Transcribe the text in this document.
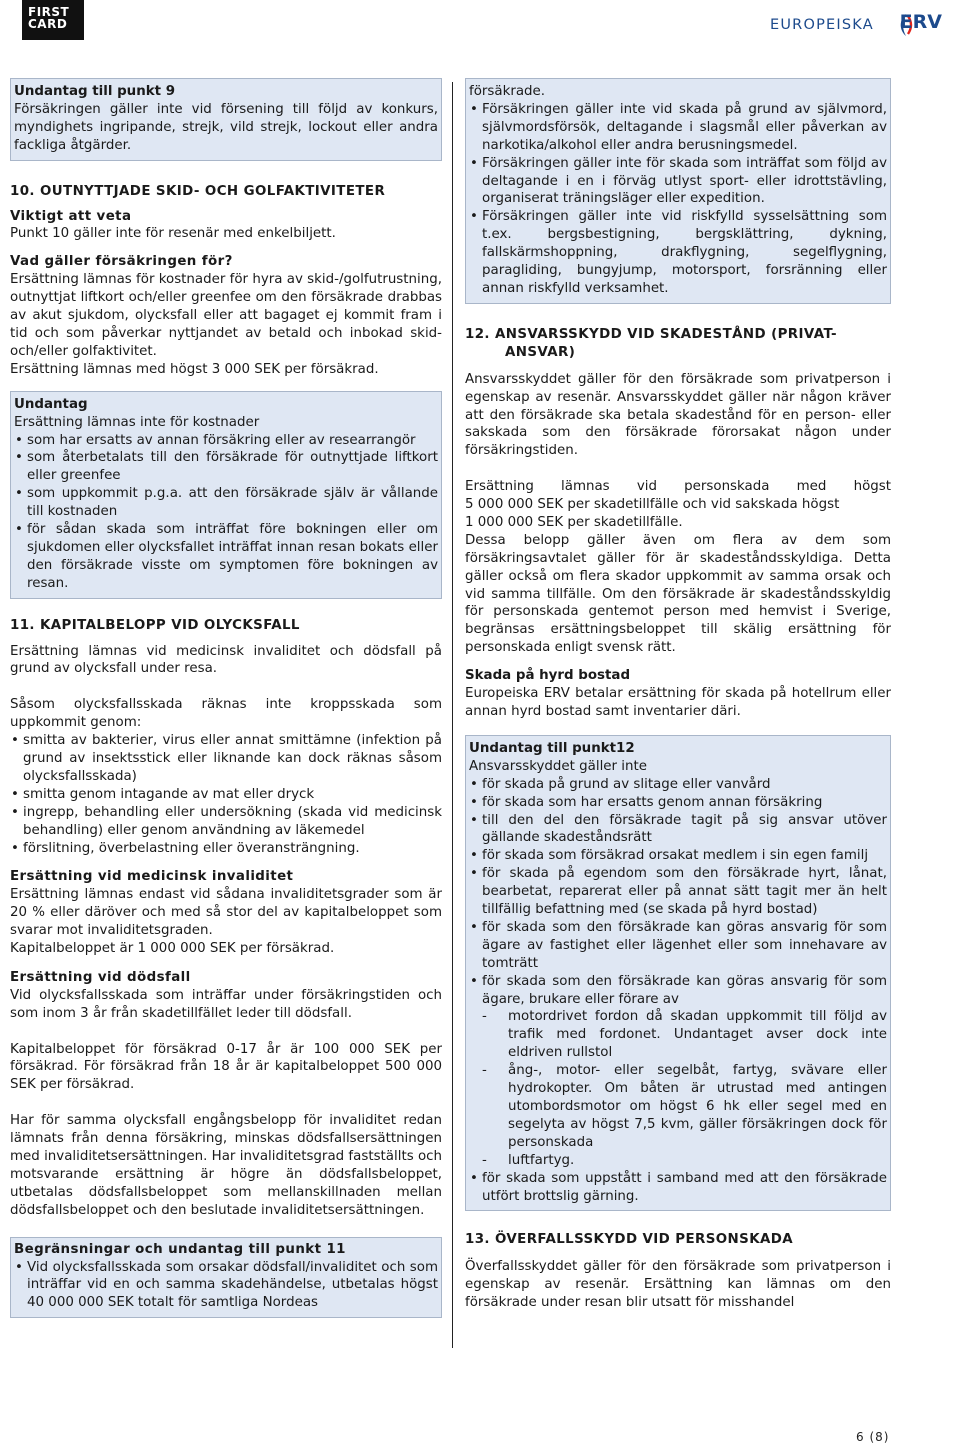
FIRST
CARD	EUROPEISKA ERV
Undantag till punkt 9

Försäkringen gäller inte vid försening till följd av konkurs, myndighets ingripande, strejk, vild strejk, lockout eller andra fackliga åtgärder.

10. OUTNYTTJADE SKID- OCH GOLFAKTIVITETER
Viktigt att veta

Punkt 10 gäller inte för resenär med enkelbiljett.

Vad gäller försäkringen för?

Ersättning lämnas för kostnader för hyra av skid-/golfutrustning, outnyttjat liftkort och/eller greenfee om den försäkrade drabbas av akut sjukdom, olycksfall eller att bagaget ej kommit fram i tid och som påverkar nyttjandet av betald och inbokad skid- och/eller golfaktivitet.

Ersättning lämnas med högst 3 000 SEK per försäkrad.

Undantag

Ersättning lämnas inte för kostnader

• som har ersatts av annan försäkring eller av researrangör
• som återbetalats till den försäkrade för outnyttjade liftkort eller greenfee
• som uppkommit p.g.a. att den försäkrade själv är vållande till kostnaden
• för sådan skada som inträffat före bokningen eller om sjukdomen eller olycksfallet inträffat innan resan bokats eller den försäkrade visste om symptomen före bokningen av resan.
11. KAPITALBELOPP VID OLYCKSFALL

Ersättning lämnas vid medicinsk invaliditet och dödsfall på grund av olycksfall under resa.

Såsom olycksfallsskada räknas inte kroppsskada som uppkommit genom:

• smitta av bakterier, virus eller annat smittämne (infektion på grund av insektsstick eller liknande kan dock räknas såsom olycksfallsskada)
• smitta genom intagande av mat eller dryck
• ingrepp, behandling eller undersökning (skada vid medicinsk behandling) eller genom användning av läkemedel
• förslitning, överbelastning eller överansträngning.
Ersättning vid medicinsk invaliditet

Ersättning lämnas endast vid sådana invaliditetsgrader som är 20 % eller däröver och med så stor del av kapitalbeloppet som svarar mot invaliditetsgraden.

Kapitalbeloppet är 1 000 000 SEK per försäkrad.

Ersättning vid dödsfall

Vid olycksfallsskada som inträffar under försäkringstiden och som inom 3 år från skadetillfället leder till dödsfall.

Kapitalbeloppet för försäkrad 0-17 år är 100 000 SEK per försäkrad. För försäkrad från 18 år är kapitalbeloppet 500 000 SEK per försäkrad.

Har för samma olycksfall engångsbelopp för invaliditet redan lämnats från denna försäkring, minskas dödsfallsersättningen med invaliditetsersättningen. Har invaliditetsgrad fastställts och motsvarande ersättning är högre än dödsfallsbeloppet, utbetalas dödsfallsbeloppet som mellanskillnaden mellan dödsfallsbeloppet och den beslutade invaliditetsersättningen.

Begränsningar och undantag till punkt 11
• Vid olycksfallsskada som orsakar dödsfall/invaliditet och som inträffar vid en och samma skadehändelse, utbetalas högst 40 000 000 SEK totalt för samtliga Nordeas

försäkrade.

• Försäkringen gäller inte vid skada på grund av självmord, självmordsförsök, deltagande i slagsmål eller påverkan av narkotika/alkohol eller andra berusningsmedel.
• Försäkringen gäller inte för skada som inträffat som följd av deltagande i en i förväg utlyst sport- eller idrottstävling, organiserat träningsläger eller expedition.
• Försäkringen gäller inte vid riskfylld sysselsättning som t.ex. bergsbestigning, bergsklättring, dykning, fallskärmshoppning, drakflygning, segelflygning, paragliding, bungyjump, motorsport, forsränning eller annan riskfylld verksamhet.
12. ANSVARSSKYDD VID SKADESTÅND (PRIVAT-
ANSVAR)

Ansvarsskyddet gäller för den försäkrade som privatperson i egenskap av resenär. Ansvarsskyddet gäller när någon kräver att den försäkrade ska betala skadestånd för en person- eller sakskada som den försäkrade förorsakat någon under försäkringstiden.

Ersättning lämnas vid personskada med högst

5 000 000 SEK per skadetillfälle och vid sakskada högst

1 000 000 SEK per skadetillfälle.

Dessa belopp gäller även om flera av dem som försäkringsavtalet gäller för är skadeståndsskyldiga. Detta gäller också om flera skador uppkommit av samma orsak och vid samma tillfälle. Om den försäkrade är skadeståndsskyldig för personskada gentemot person med hemvist i Sverige, begränsas ersättningsbeloppet till skälig ersättning för personskada enligt svensk rätt.

Skada på hyrd bostad

Europeiska ERV betalar ersättning för skada på hotellrum eller annan hyrd bostad samt inventarier däri.

Undantag till punkt12

Ansvarsskyddet gäller inte

• för skada på grund av slitage eller vanvård
• för skada som har ersatts genom annan försäkring
• till den del den försäkrade tagit på sig ansvar utöver gällande skadeståndsrätt
• för skada som försäkrad orsakat medlem i sin egen familj
• för skada på egendom som den försäkrade hyrt, lånat, bearbetat, reparerat eller på annat sätt tagit mer än helt tillfällig befattning med (se skada på hyrd bostad)
• för skada som den försäkrade kan göras ansvarig för som ägare av fastighet eller lägenhet eller som innehavare av tomträtt
• för skada som den försäkrade kan göras ansvarig för som ägare, brukare eller förare av
- motordrivet fordon då skadan uppkommit till följd av trafik med fordonet. Undantaget avser dock inte eldriven rullstol
- ång-, motor- eller segelbåt, fartyg, svävare eller hydrokopter. Om båten är utrustad med antingen utombordsmotor om högst 6 hk eller segel med en segelyta av högst 7,5 kvm, gäller försäkringen dock för personskada
- luftfartyg.
• för skada som uppstått i samband med att den försäkrade utfört brottslig gärning.
13. ÖVERFALLSSKYDD VID PERSONSKADA

Överfallsskyddet gäller för den försäkrade som privatperson i egenskap av resenär. Ersättning kan lämnas om den försäkrade under resan blir utsatt för misshandel

6 (8)
